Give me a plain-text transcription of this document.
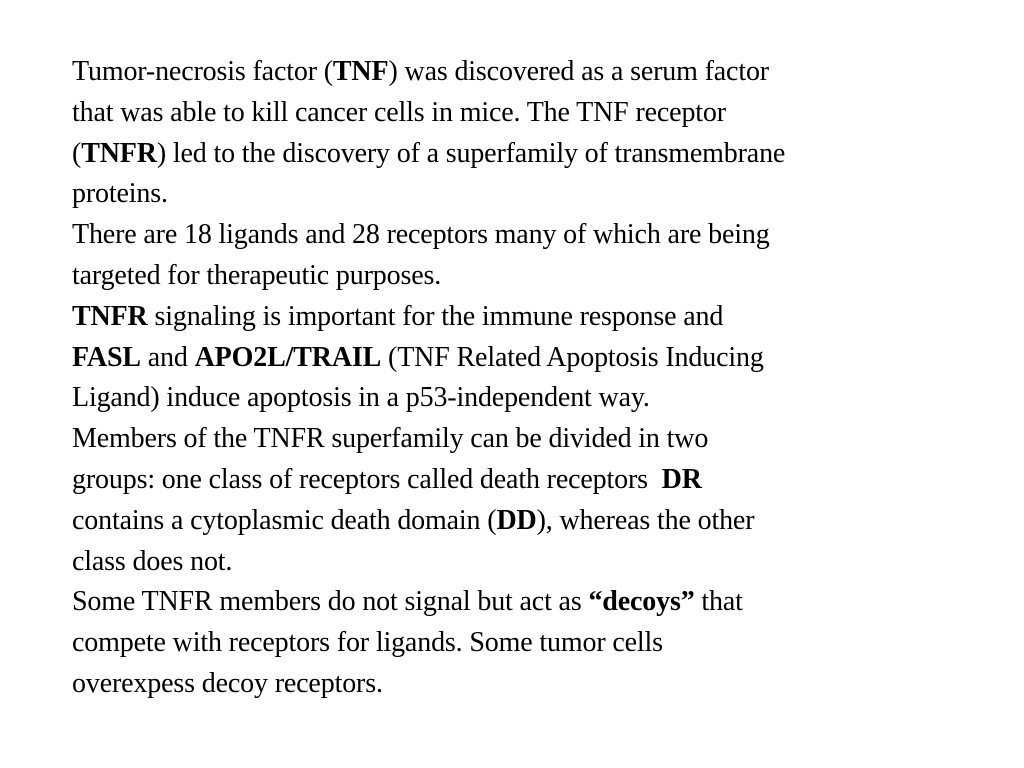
Tumor-necrosis factor (TNF) was discovered as a serum factor
that was able to kill cancer cells in mice. The TNF receptor
(TNFR) led to the discovery of a superfamily of transmembrane
proteins.
There are 18 ligands and 28 receptors many of which are being
targeted for therapeutic purposes.
TNFR signaling is important for the immune response and
FASL and APO2L/TRAIL (TNF Related Apoptosis Inducing
Ligand) induce apoptosis in a p53-independent way.
Members of the TNFR superfamily can be divided in two
groups: one class of receptors called death receptors  DR
contains a cytoplasmic death domain (DD), whereas the other
class does not.
Some TNFR members do not signal but act as “decoys” that
compete with receptors for ligands. Some tumor cells
overexpess decoy receptors.
